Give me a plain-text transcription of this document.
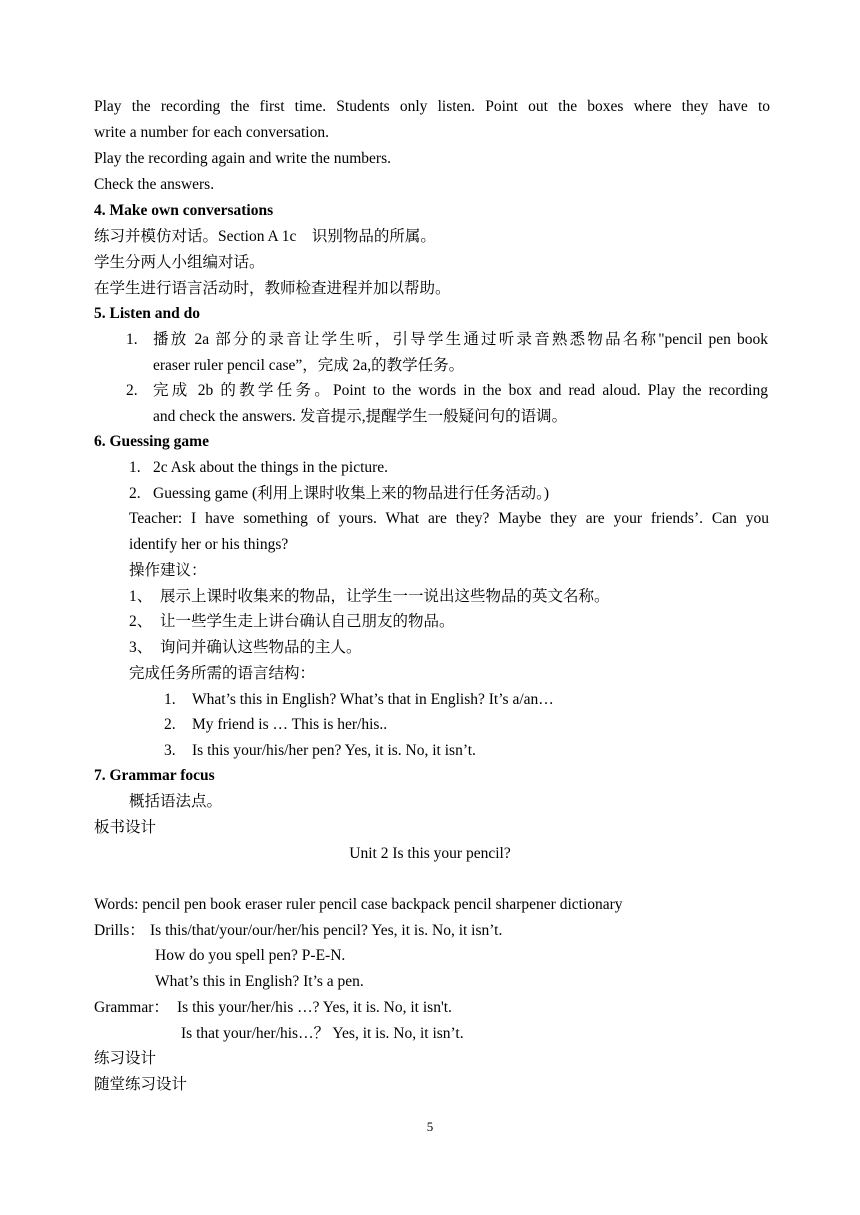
Play the recording the first time. Students only listen. Point out the boxes where they have to
write a number for each conversation.
Play the recording again and write the numbers.
Check the answers.
4. Make own conversations
练习并模仿对话。Section A 1c　识别物品的所属。
学生分两人小组编对话。
在学生进行语言活动时，教师检查进程并加以帮助。
5. Listen and do
1. 播放 2a 部分的录音让学生听，引导学生通过听录音熟悉物品名称"pencil pen book
eraser ruler pencil case”，完成 2a,的教学任务。
2. 完成 2b 的教学任务。Point to the words in the box and read aloud. Play the recording
and check the answers. 发音提示,提醒学生一般疑问句的语调。
6. Guessing game
1. 2c Ask about the things in the picture.
2. Guessing game (利用上课时收集上来的物品进行任务活动。)
Teacher: I have something of yours. What are they? Maybe they are your friends’. Can you
identify her or his things?
操作建议：
1、 展示上课时收集来的物品，让学生一一说出这些物品的英文名称。
2、 让一些学生走上讲台确认自己朋友的物品。
3、 询问并确认这些物品的主人。
完成任务所需的语言结构：
1. What’s this in English? What’s that in English? It’s a/an…
2. My friend is … This is her/his..
3. Is this your/his/her pen? Yes, it is. No, it isn’t.
7. Grammar focus
概括语法点。
板书设计
Unit 2 Is this your pencil?
Words: pencil pen book eraser ruler pencil case backpack pencil sharpener dictionary
Drills： Is this/that/your/our/her/his pencil? Yes, it is. No, it isn’t.
How do you spell pen? P-E-N.
What’s this in English? It’s a pen.
Grammar： Is this your/her/his …? Yes, it is. No, it isn't.
Is that your/her/his…？ Yes, it is. No, it isn’t.
练习设计
随堂练习设计
5
